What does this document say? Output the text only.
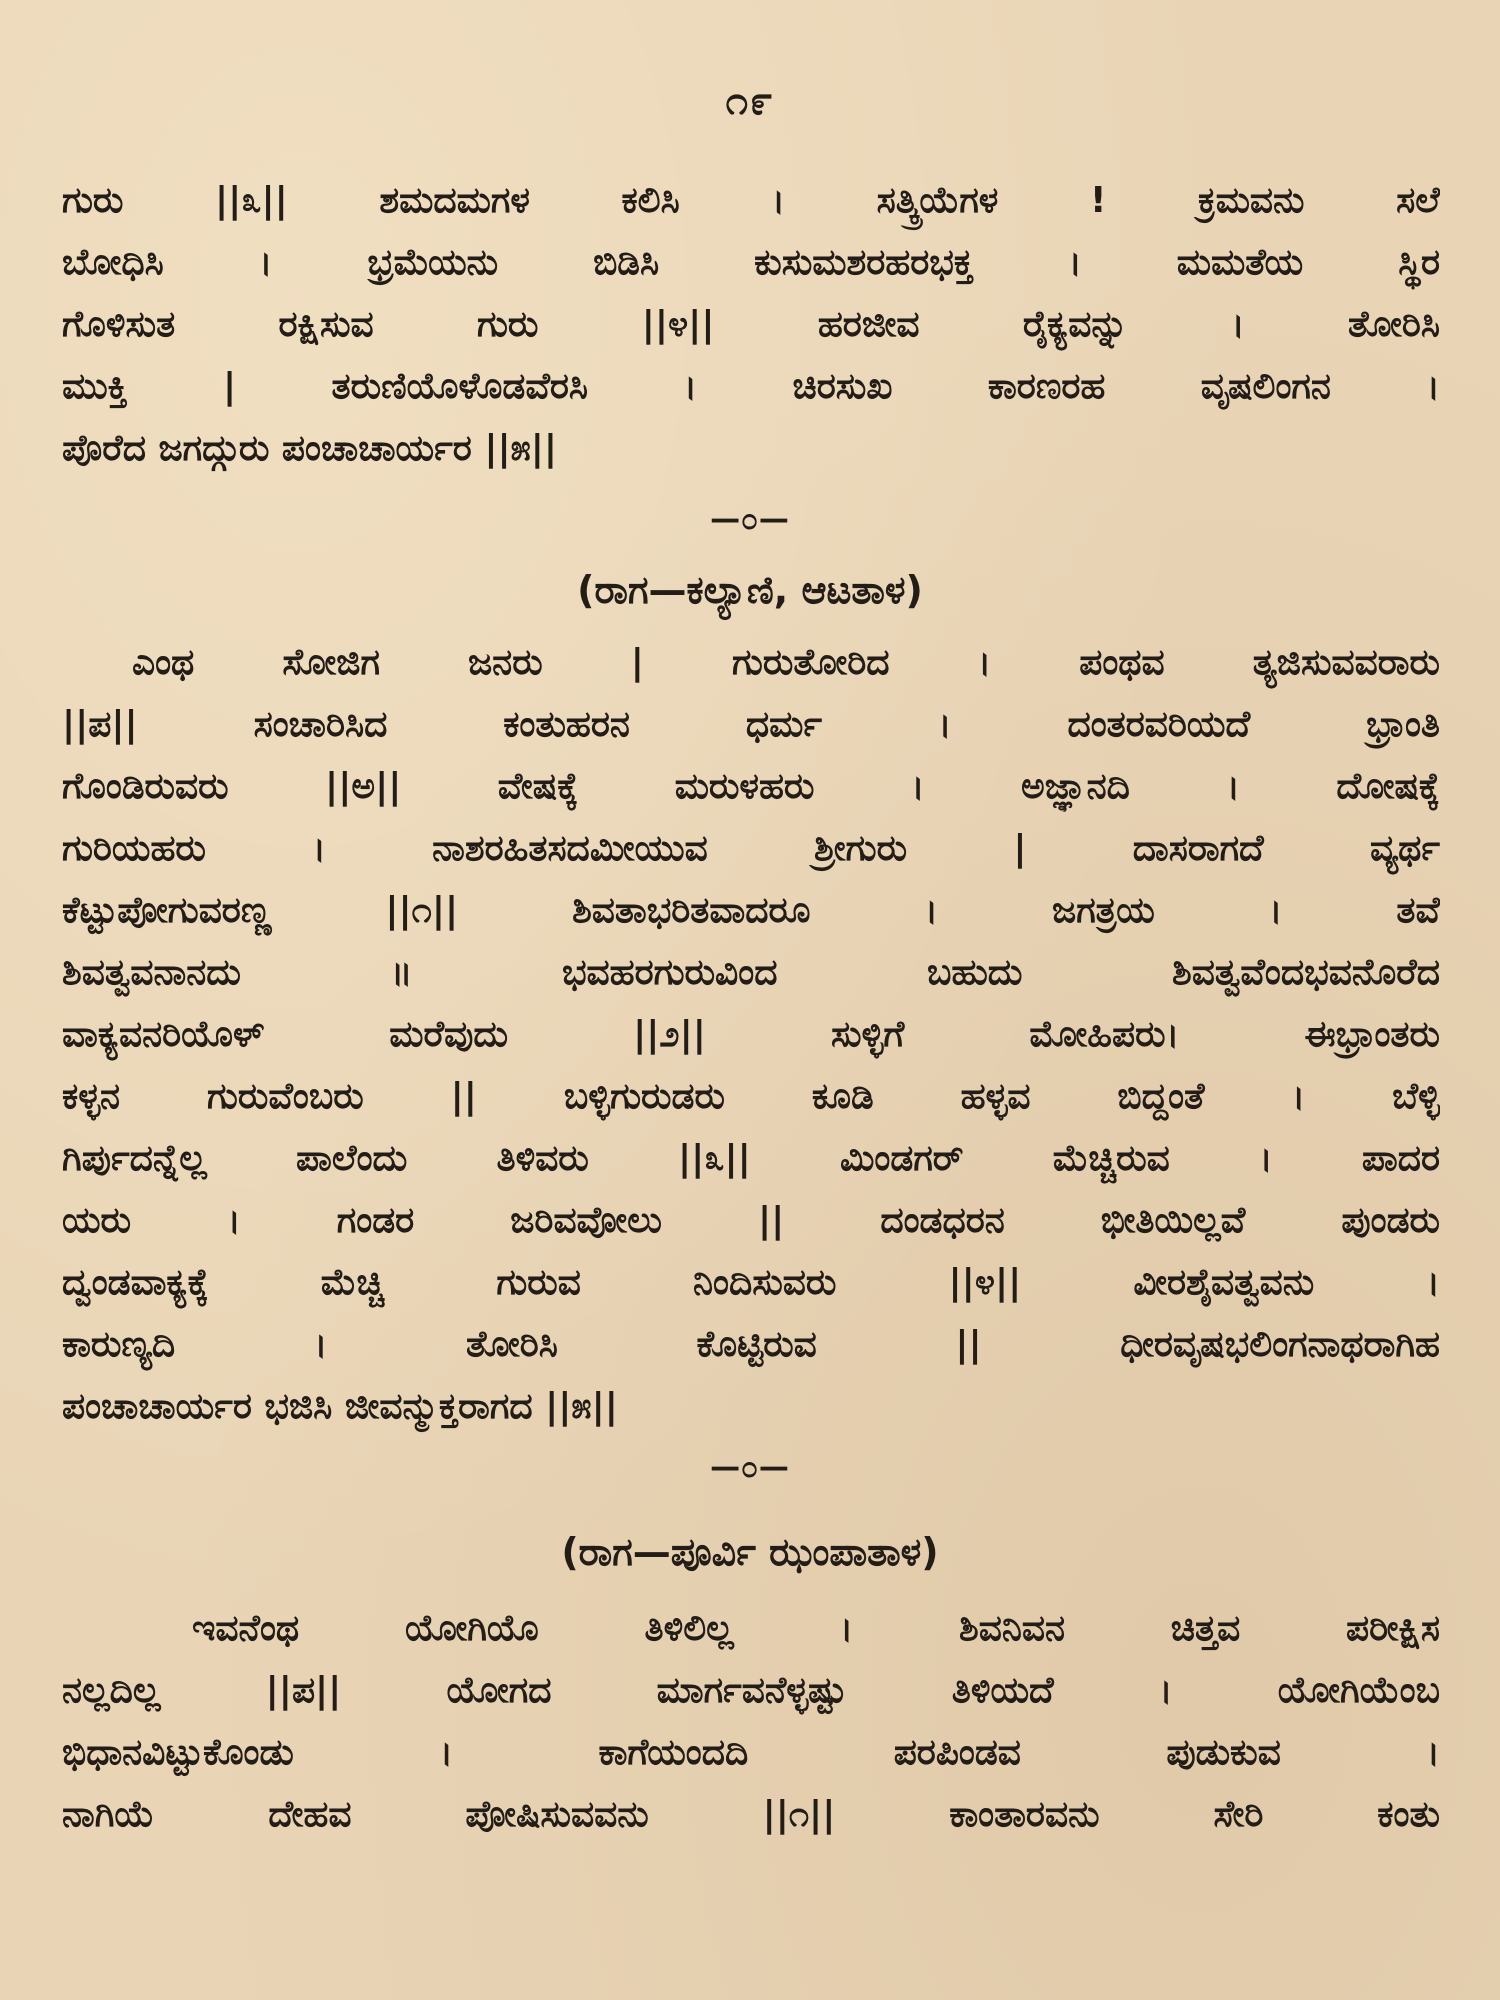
೧೯
ಗುರು ||೩|| ಶಮದಮಗಳ ಕಲಿಸಿ । ಸತ್ಕ್ರಿಯೆಗಳ ! ಕ್ರಮವನು ಸಲೆ
ಬೋಧಿಸಿ । ಭ್ರಮೆಯನು ಬಿಡಿಸಿ ಕುಸುಮಶರಹರಭಕ್ತ । ಮಮತೆಯ ಸ್ಥಿರ
ಗೊಳಿಸುತ ರಕ್ಷಿಸುವ ಗುರು ||೪|| ಹರಜೀವ ರೈಕ್ಯವನ್ನು । ತೋರಿಸಿ
ಮುಕ್ತಿ | ತರುಣಿಯೊಳೊಡವೆರಸಿ । ಚಿರಸುಖ ಕಾರಣರಹ ವೃಷಲಿಂಗನ ।
ಪೊರೆದ ಜಗದ್ಗುರು ಪಂಚಾಚಾರ್ಯರ ||೫||
—೦—
(ರಾಗ—ಕಲ್ಯಾಣಿ, ಆಟತಾಳ)
ಎಂಥ ಸೋಜಿಗ ಜನರು | ಗುರುತೋರಿದ । ಪಂಥವ ತ್ಯಜಿಸುವವರಾರು
||ಪ|| ಸಂಚಾರಿಸಿದ ಕಂತುಹರನ ಧರ್ಮ । ದಂತರವರಿಯದೆ ಭ್ರಾಂತಿ
ಗೊಂಡಿರುವರು ||ಅ|| ವೇಷಕ್ಕೆ ಮರುಳಹರು । ಅಜ್ಞಾನದಿ । ದೋಷಕ್ಕೆ
ಗುರಿಯಹರು । ನಾಶರಹಿತಸದಮೀಯುವ ಶ್ರೀಗುರು | ದಾಸರಾಗದೆ ವ್ಯರ್ಥ
ಕೆಟ್ಟುಪೋಗುವರಣ್ಣ ||೧|| ಶಿವತಾಭರಿತವಾದರೂ । ಜಗತ್ರಯ । ತವೆ
ಶಿವತ್ವವನಾನದು ॥ ಭವಹರಗುರುವಿಂದ ಬಹುದು ಶಿವತ್ವವೆಂದಭವನೊರೆದ
ವಾಕ್ಯವನರಿಯೊಳ್ ಮರೆವುದು ||೨|| ಸುಳ್ಳಿಗೆ ಮೋಹಿಪರು। ಈಭ್ರಾಂತರು
ಕಳ್ಳನ ಗುರುವೆಂಬರು || ಬಳ್ಳಿಗುರುಡರು ಕೂಡಿ ಹಳ್ಳವ ಬಿದ್ದಂತೆ । ಬೆಳ್ಳಿ
ಗಿರ್ಪುದನ್ನೆಲ್ಲ ಪಾಲೆಂದು ತಿಳಿವರು ||೩|| ಮಿಂಡಗರ್ ಮೆಚ್ಚಿರುವ । ಪಾದರ
ಯರು । ಗಂಡರ ಜರಿವವೋಲು || ದಂಡಧರನ ಭೀತಿಯಿಲ್ಲವೆ ಪುಂಡರು
ದ್ವಂಡವಾಕ್ಯಕ್ಕೆ ಮೆಚ್ಚಿ ಗುರುವ ನಿಂದಿಸುವರು ||೪|| ವೀರಶೈವತ್ವವನು ।
ಕಾರುಣ್ಯದಿ । ತೋರಿಸಿ ಕೊಟ್ಟಿರುವ || ಧೀರವೃಷಭಲಿಂಗನಾಥರಾಗಿಹ
ಪಂಚಾಚಾರ್ಯರ ಭಜಿಸಿ ಜೀವನ್ಮುಕ್ತರಾಗದ ||೫||
—೦—
(ರಾಗ—ಪೂರ್ವಿ ಝಂಪಾತಾಳ)
ಇವನೆಂಥ ಯೋಗಿಯೊ ತಿಳಿಲಿಲ್ಲ । ಶಿವನಿವನ ಚಿತ್ತವ ಪರೀಕ್ಷಿಸ
ನಲ್ಲದಿಲ್ಲ ||ಪ|| ಯೋಗದ ಮಾರ್ಗವನೆಳ್ಳಷ್ಟು ತಿಳಿಯದೆ । ಯೋಗಿಯೆಂಬ
ಭಿಧಾನವಿಟ್ಟುಕೊಂಡು । ಕಾಗೆಯಂದದಿ ಪರಪಿಂಡವ ಪುಡುಕುವ ।
ನಾಗಿಯೆ ದೇಹವ ಪೋಷಿಸುವವನು ||೧|| ಕಾಂತಾರವನು ಸೇರಿ ಕಂತು
